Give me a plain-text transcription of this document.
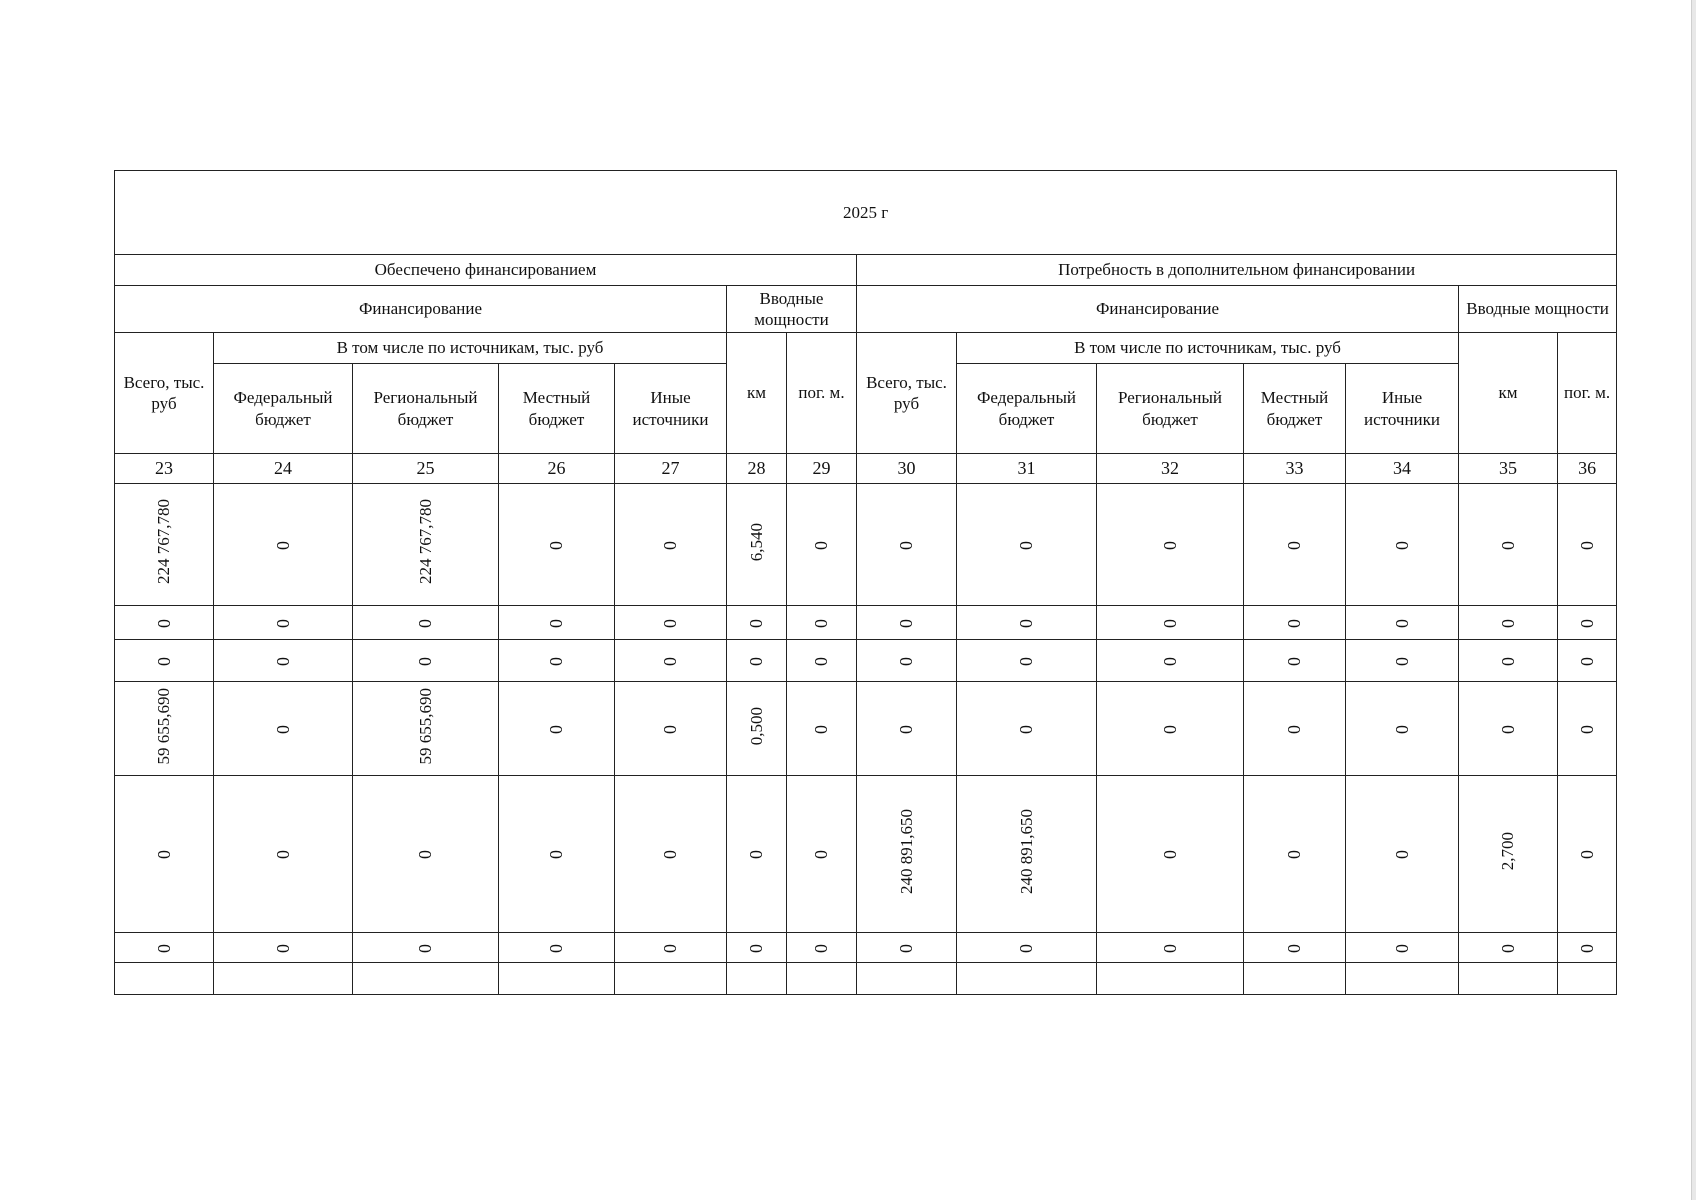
2025 г													
Обеспечено финансированием							Потребность в дополнительном финансировании						
Финансирование					Вводные мощности		Финансирование					Вводные мощности	
Всего, тыс. руб	В том числе по источникам, тыс. руб				км	пог. м.	Всего, тыс. руб	В том числе по источникам, тыс. руб				км	пог. м.
	Федеральный бюджет	Региональный бюджет	Местный бюджет	Иные источники				Федеральный бюджет	Региональный бюджет	Местный бюджет	Иные источники		
23	24	25	26	27	28	29	30	31	32	33	34	35	36
224 767,780	0	224 767,780	0	0	6,540	0	0	0	0	0	0	0	0
0	0	0	0	0	0	0	0	0	0	0	0	0	0
0	0	0	0	0	0	0	0	0	0	0	0	0	0
59 655,690	0	59 655,690	0	0	0,500	0	0	0	0	0	0	0	0
0	0	0	0	0	0	0	240 891,650	240 891,650	0	0	0	2,700	0
0	0	0	0	0	0	0	0	0	0	0	0	0	0
